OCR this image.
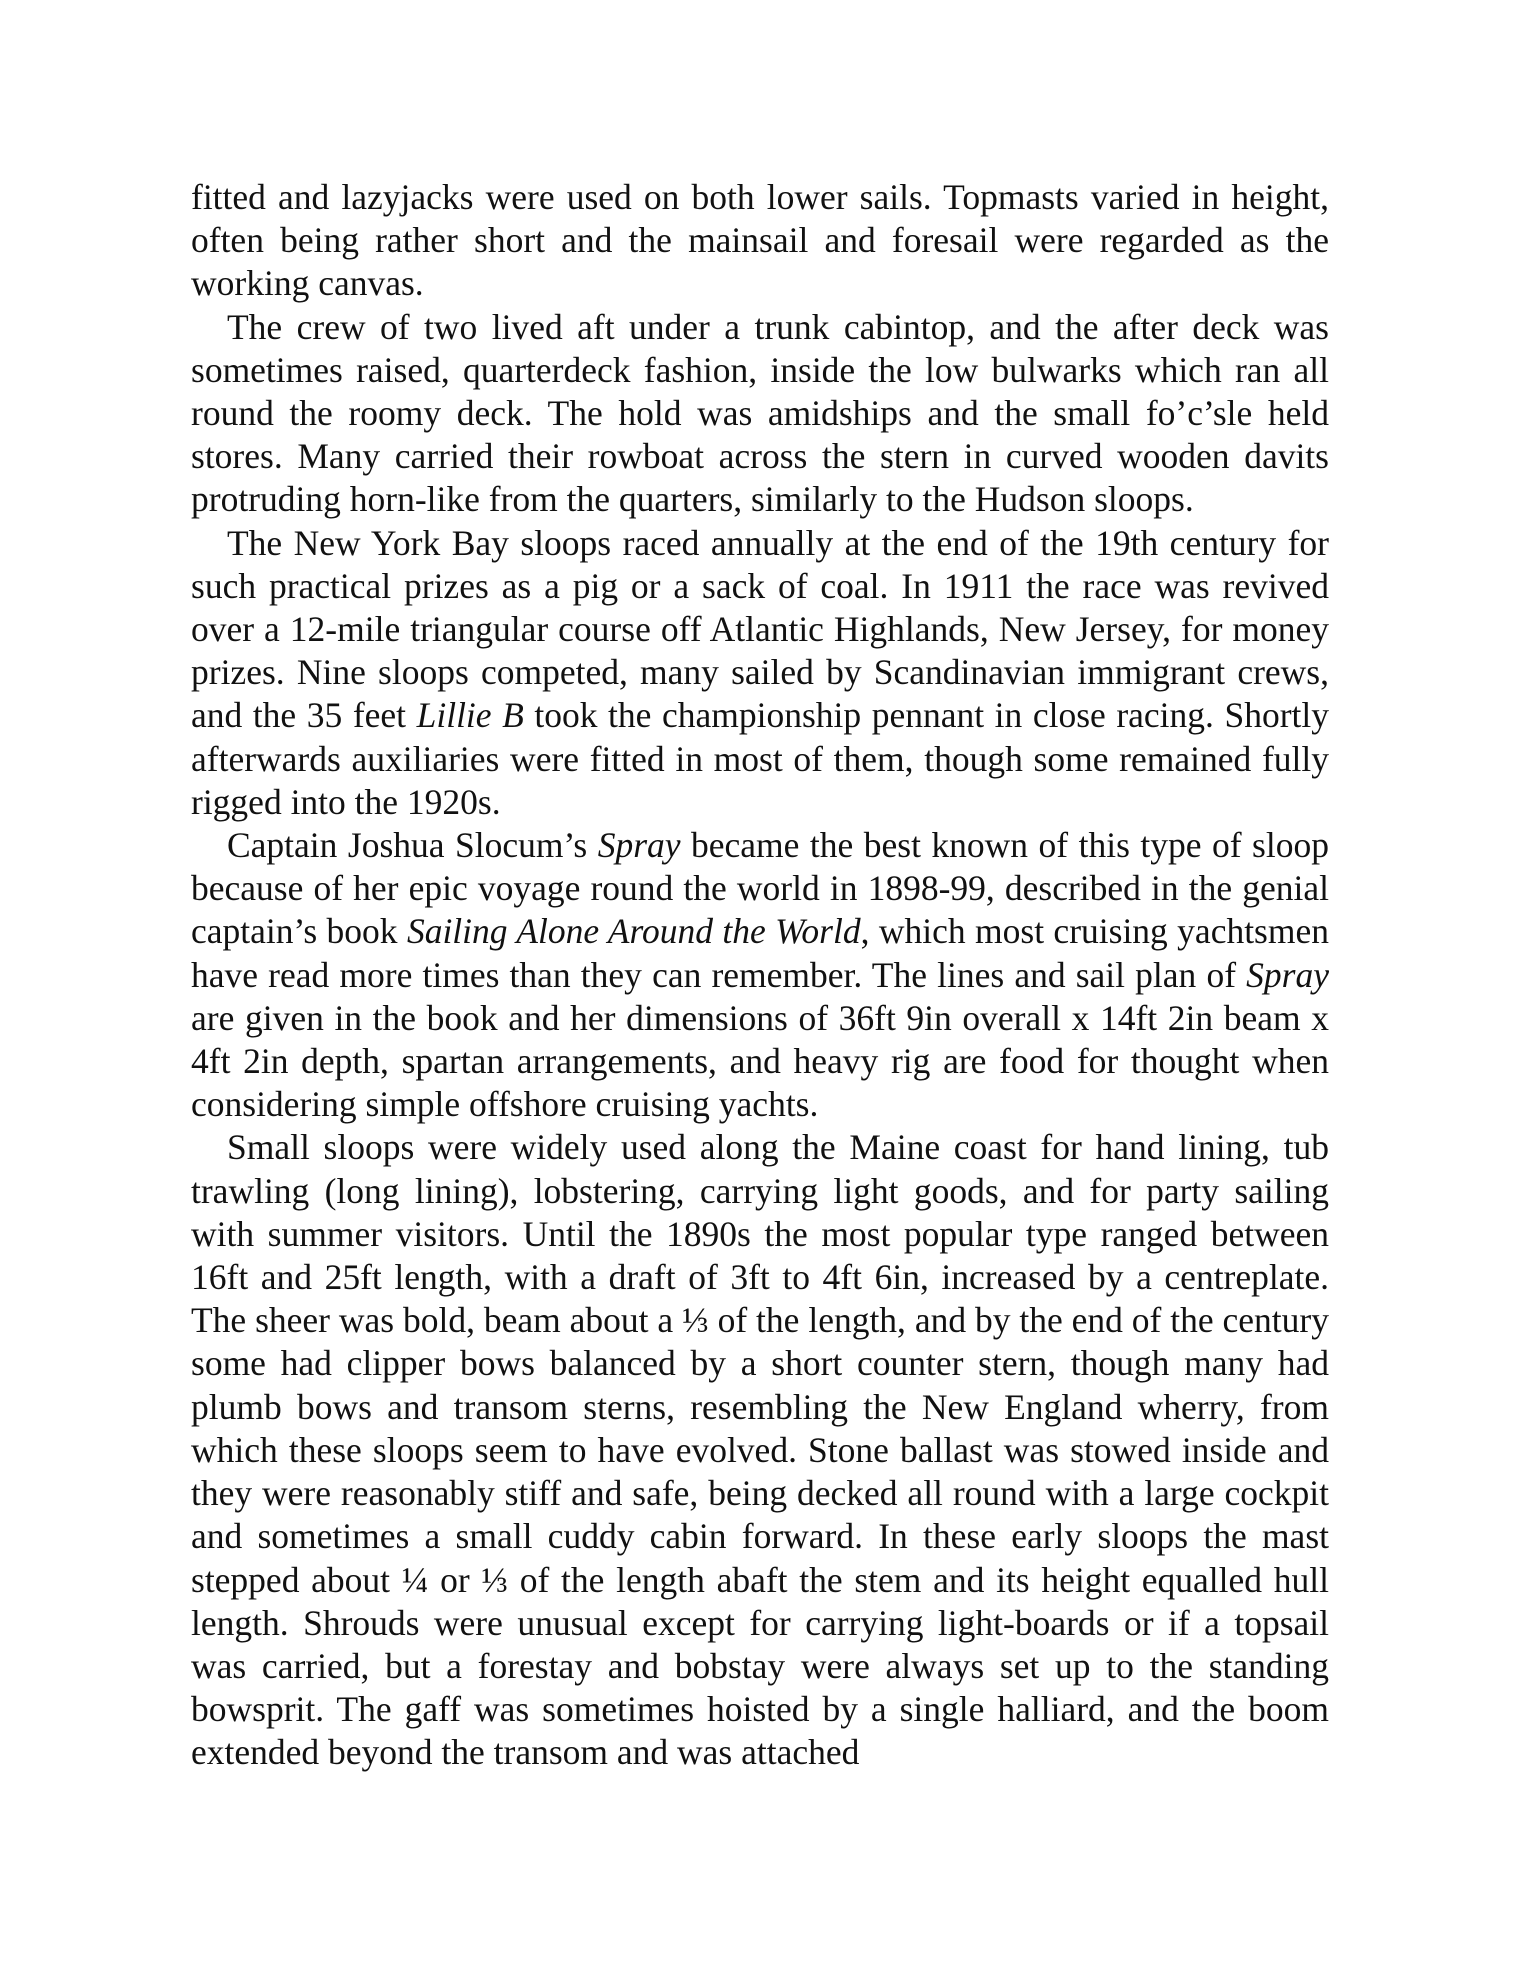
fitted and lazyjacks were used on both lower sails. Topmasts varied in height, often being rather short and the mainsail and foresail were regarded as the working canvas.

The crew of two lived aft under a trunk cabintop, and the after deck was sometimes raised, quarterdeck fashion, inside the low bulwarks which ran all round the roomy deck. The hold was amidships and the small fo’c’sle held stores. Many carried their rowboat across the stern in curved wooden davits protruding horn-like from the quarters, similarly to the Hudson sloops.

The New York Bay sloops raced annually at the end of the 19th century for such practical prizes as a pig or a sack of coal. In 1911 the race was revived over a 12-mile triangular course off Atlantic Highlands, New Jersey, for money prizes. Nine sloops competed, many sailed by Scandinavian immigrant crews, and the 35 feet Lillie B took the championship pennant in close racing. Shortly afterwards auxiliaries were fitted in most of them, though some remained fully rigged into the 1920s.

Captain Joshua Slocum’s Spray became the best known of this type of sloop because of her epic voyage round the world in 1898-99, described in the genial captain’s book Sailing Alone Around the World, which most cruising yachtsmen have read more times than they can remember. The lines and sail plan of Spray are given in the book and her dimensions of 36ft 9in overall x 14ft 2in beam x 4ft 2in depth, spartan arrangements, and heavy rig are food for thought when considering simple offshore cruising yachts.

Small sloops were widely used along the Maine coast for hand lining, tub trawling (long lining), lobstering, carrying light goods, and for party sailing with summer visitors. Until the 1890s the most popular type ranged between 16ft and 25ft length, with a draft of 3ft to 4ft 6in, increased by a centreplate. The sheer was bold, beam about a ⅓ of the length, and by the end of the century some had clipper bows balanced by a short counter stern, though many had plumb bows and transom sterns, resembling the New England wherry, from which these sloops seem to have evolved. Stone ballast was stowed inside and they were reasonably stiff and safe, being decked all round with a large cockpit and sometimes a small cuddy cabin forward. In these early sloops the mast stepped about ¼ or ⅓ of the length abaft the stem and its height equalled hull length. Shrouds were unusual except for carrying light-boards or if a topsail was carried, but a forestay and bobstay were always set up to the standing bowsprit. The gaff was sometimes hoisted by a single halliard, and the boom extended beyond the transom and was attached
